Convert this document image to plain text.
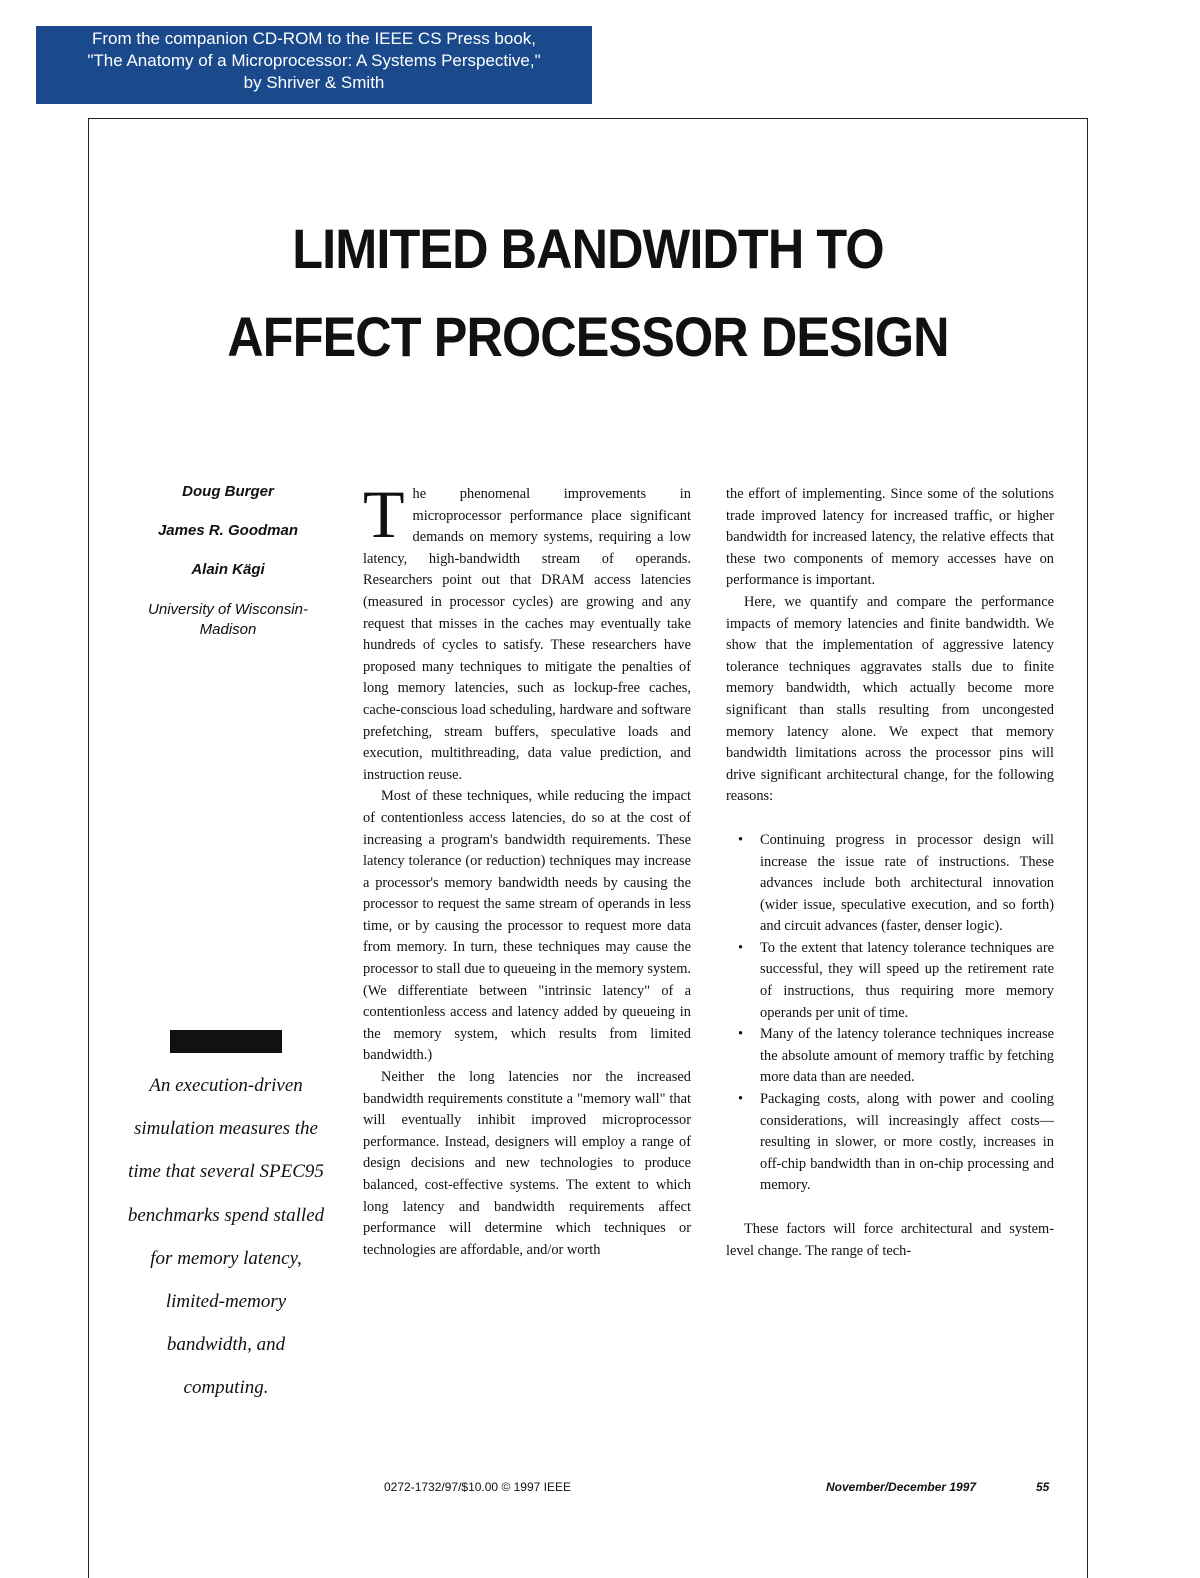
From the companion CD-ROM to the IEEE CS Press book,
"The Anatomy of a Microprocessor: A Systems Perspective,"
by Shriver & Smith
LIMITED BANDWIDTH TO
AFFECT PROCESSOR DESIGN
Doug Burger
James R. Goodman
Alain Kägi
University of Wisconsin-Madison
An execution-driven simulation measures the time that several SPEC95 benchmarks spend stalled for memory latency, limited-memory bandwidth, and computing.

The phenomenal improvements in microprocessor performance place significant demands on memory systems, requiring a low latency, high-bandwidth stream of operands. Researchers point out that DRAM access latencies (measured in processor cycles) are growing and any request that misses in the caches may eventually take hundreds of cycles to satisfy. These researchers have proposed many techniques to mitigate the penalties of long memory latencies, such as lockup-free caches, cache-conscious load scheduling, hardware and software prefetching, stream buffers, speculative loads and execution, multithreading, data value prediction, and instruction reuse.

Most of these techniques, while reducing the impact of contentionless access latencies, do so at the cost of increasing a program's bandwidth requirements. These latency tolerance (or reduction) techniques may increase a processor's memory bandwidth needs by causing the processor to request the same stream of operands in less time, or by causing the processor to request more data from memory. In turn, these techniques may cause the processor to stall due to queueing in the memory system. (We differentiate between "intrinsic latency" of a contentionless access and latency added by queueing in the memory system, which results from limited bandwidth.)

Neither the long latencies nor the increased bandwidth requirements constitute a "memory wall" that will eventually inhibit improved microprocessor performance. Instead, designers will employ a range of design decisions and new technologies to produce balanced, cost-effective systems. The extent to which long latency and bandwidth requirements affect performance will determine which techniques or technologies are affordable, and/or worth

the effort of implementing. Since some of the solutions trade improved latency for increased traffic, or higher bandwidth for increased latency, the relative effects that these two components of memory accesses have on performance is important.

Here, we quantify and compare the performance impacts of memory latencies and finite bandwidth. We show that the implementation of aggressive latency tolerance techniques aggravates stalls due to finite memory bandwidth, which actually become more significant than stalls resulting from uncongested memory latency alone. We expect that memory bandwidth limitations across the processor pins will drive significant architectural change, for the following reasons:

• Continuing progress in processor design will increase the issue rate of instructions. These advances include both architectural innovation (wider issue, speculative execution, and so forth) and circuit advances (faster, denser logic).
• To the extent that latency tolerance techniques are successful, they will speed up the retirement rate of instructions, thus requiring more memory operands per unit of time.
• Many of the latency tolerance techniques increase the absolute amount of memory traffic by fetching more data than are needed.
• Packaging costs, along with power and cooling considerations, will increasingly affect costs—resulting in slower, or more costly, increases in off-chip bandwidth than in on-chip processing and memory.

These factors will force architectural and system-level change. The range of tech-

0272-1732/97/$10.00 © 1997 IEEE	November/December 1997	55
